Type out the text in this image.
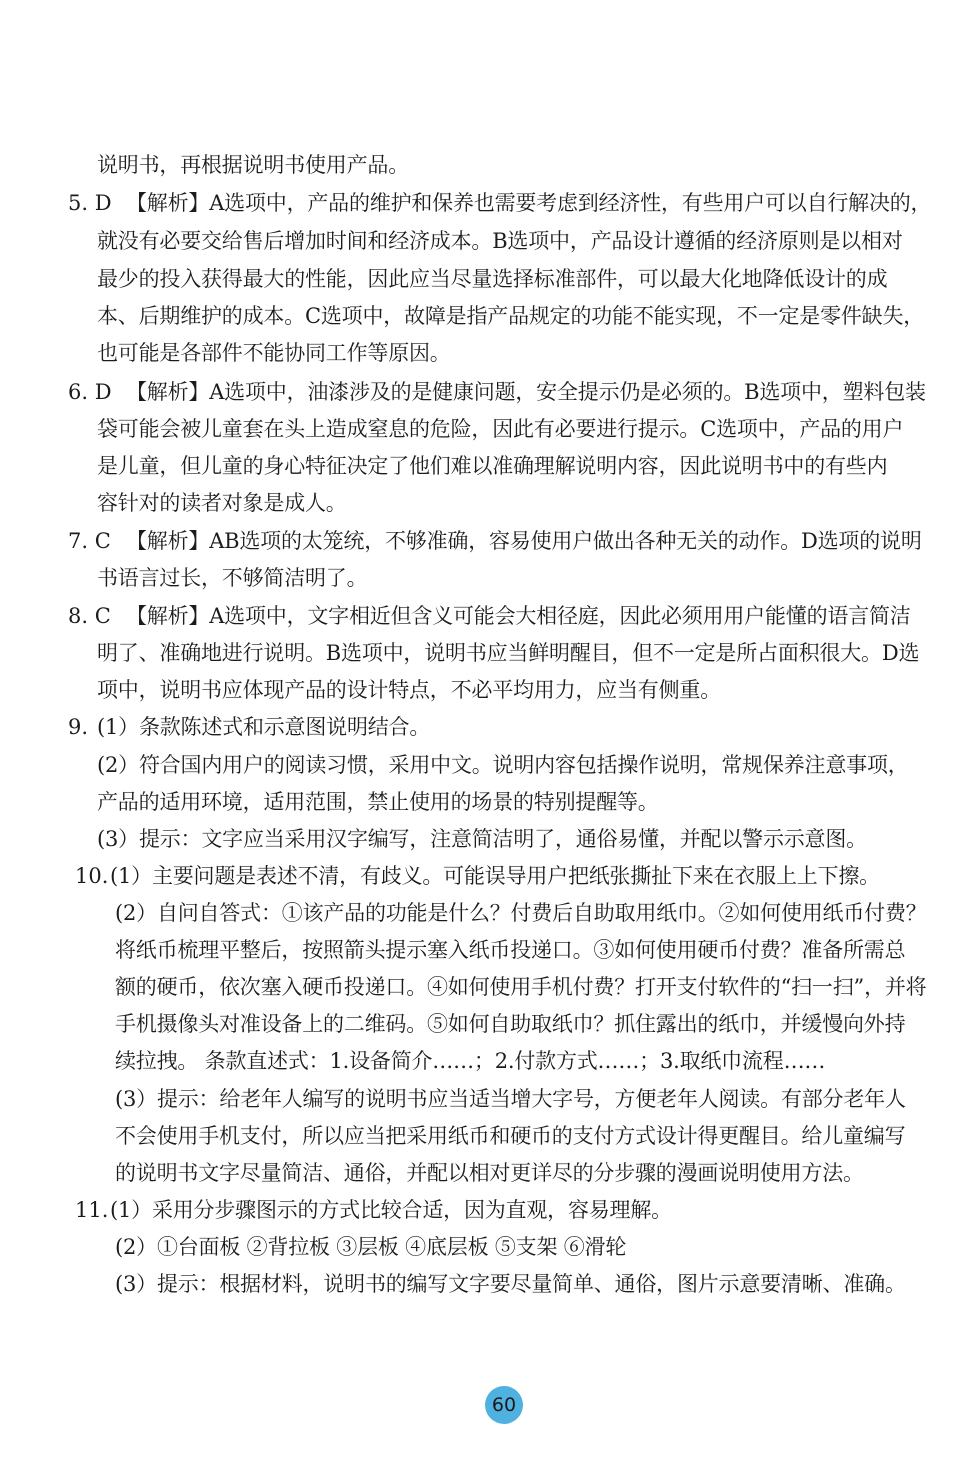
说明书，再根据说明书使用产品。
5. D 【解析】A选项中，产品的维护和保养也需要考虑到经济性，有些用户可以自行解决的，
就没有必要交给售后增加时间和经济成本。B选项中，产品设计遵循的经济原则是以相对
最少的投入获得最大的性能，因此应当尽量选择标准部件，可以最大化地降低设计的成
本、后期维护的成本。C选项中，故障是指产品规定的功能不能实现，不一定是零件缺失，
也可能是各部件不能协同工作等原因。
6. D 【解析】A选项中，油漆涉及的是健康问题，安全提示仍是必须的。B选项中，塑料包装
袋可能会被儿童套在头上造成窒息的危险，因此有必要进行提示。C选项中，产品的用户
是儿童，但儿童的身心特征决定了他们难以准确理解说明内容，因此说明书中的有些内
容针对的读者对象是成人。
7. C 【解析】AB选项的太笼统，不够准确，容易使用户做出各种无关的动作。D选项的说明
书语言过长，不够简洁明了。
8. C 【解析】A选项中，文字相近但含义可能会大相径庭，因此必须用用户能懂的语言简洁
明了、准确地进行说明。B选项中，说明书应当鲜明醒目，但不一定是所占面积很大。D选
项中，说明书应体现产品的设计特点，不必平均用力，应当有侧重。
9. (1）条款陈述式和示意图说明结合。
(2）符合国内用户的阅读习惯，采用中文。说明内容包括操作说明，常规保养注意事项，
产品的适用环境，适用范围，禁止使用的场景的特别提醒等。
(3）提示：文字应当采用汉字编写，注意简洁明了，通俗易懂，并配以警示示意图。
10. (1）主要问题是表述不清，有歧义。可能误导用户把纸张撕扯下来在衣服上上下擦。
(2）自问自答式：①该产品的功能是什么？付费后自助取用纸巾。②如何使用纸币付费？
将纸币梳理平整后，按照箭头提示塞入纸币投递口。③如何使用硬币付费？准备所需总
额的硬币，依次塞入硬币投递口。④如何使用手机付费？打开支付软件的“扫一扫”，并将
手机摄像头对准设备上的二维码。⑤如何自助取纸巾？抓住露出的纸巾，并缓慢向外持
续拉拽。 条款直述式：1.设备简介……；2.付款方式……；3.取纸巾流程……
(3）提示：给老年人编写的说明书应当适当增大字号，方便老年人阅读。有部分老年人
不会使用手机支付，所以应当把采用纸币和硬币的支付方式设计得更醒目。给儿童编写
的说明书文字尽量简洁、通俗，并配以相对更详尽的分步骤的漫画说明使用方法。
11. (1）采用分步骤图示的方式比较合适，因为直观，容易理解。
(2）①台面板 ②背拉板 ③层板 ④底层板 ⑤支架 ⑥滑轮
(3）提示：根据材料，说明书的编写文字要尽量简单、通俗，图片示意要清晰、准确。
60
